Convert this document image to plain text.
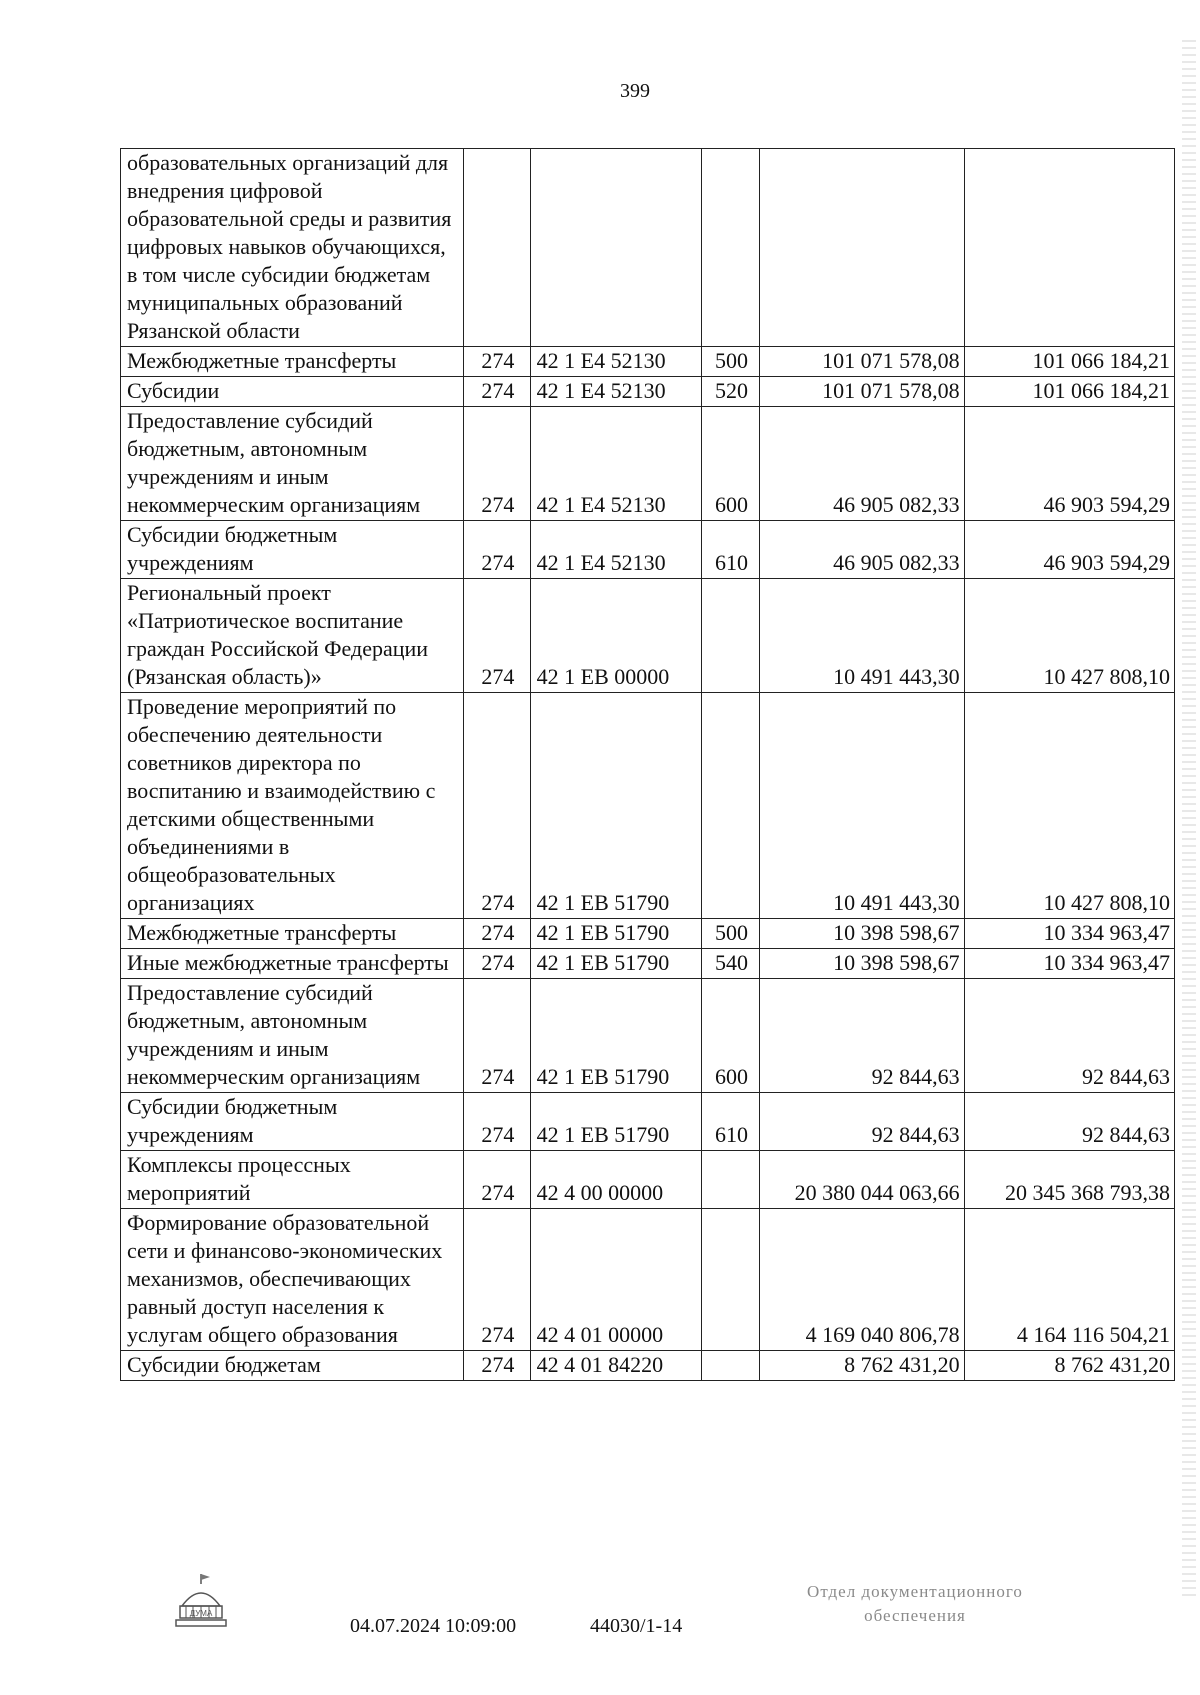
399
образовательных организаций для внедрения цифровой образовательной среды и развития цифровых навыков обучающихся, в том числе субсидии бюджетам муниципальных образований Рязанской области					
Межбюджетные трансферты	274	42 1 Е4 52130	500	101 071 578,08	101 066 184,21
Субсидии	274	42 1 Е4 52130	520	101 071 578,08	101 066 184,21
Предоставление субсидий бюджетным, автономным учреждениям и иным некоммерческим организациям	274	42 1 Е4 52130	600	46 905 082,33	46 903 594,29
Субсидии бюджетным учреждениям	274	42 1 Е4 52130	610	46 905 082,33	46 903 594,29
Региональный проект «Патриотическое воспитание граждан Российской Федерации (Рязанская область)»	274	42 1 ЕВ 00000		10 491 443,30	10 427 808,10
Проведение мероприятий по обеспечению деятельности советников директора по воспитанию и взаимодействию с детскими общественными объединениями в общеобразовательных организациях	274	42 1 ЕВ 51790		10 491 443,30	10 427 808,10
Межбюджетные трансферты	274	42 1 ЕВ 51790	500	10 398 598,67	10 334 963,47
Иные межбюджетные трансферты	274	42 1 ЕВ 51790	540	10 398 598,67	10 334 963,47
Предоставление субсидий бюджетным, автономным учреждениям и иным некоммерческим организациям	274	42 1 ЕВ 51790	600	92 844,63	92 844,63
Субсидии бюджетным учреждениям	274	42 1 ЕВ 51790	610	92 844,63	92 844,63
Комплексы процессных мероприятий	274	42 4 00 00000		20 380 044 063,66	20 345 368 793,38
Формирование образовательной сети и финансово-экономических механизмов, обеспечивающих равный доступ населения к услугам общего образования	274	42 4 01 00000		4 169 040 806,78	4 164 116 504,21
Субсидии бюджетам	274	42 4 01 84220		8 762 431,20	8 762 431,20
ДУМА
04.07.2024 10:09:00	44030/1-14
Отдел документационного
обеспечения
